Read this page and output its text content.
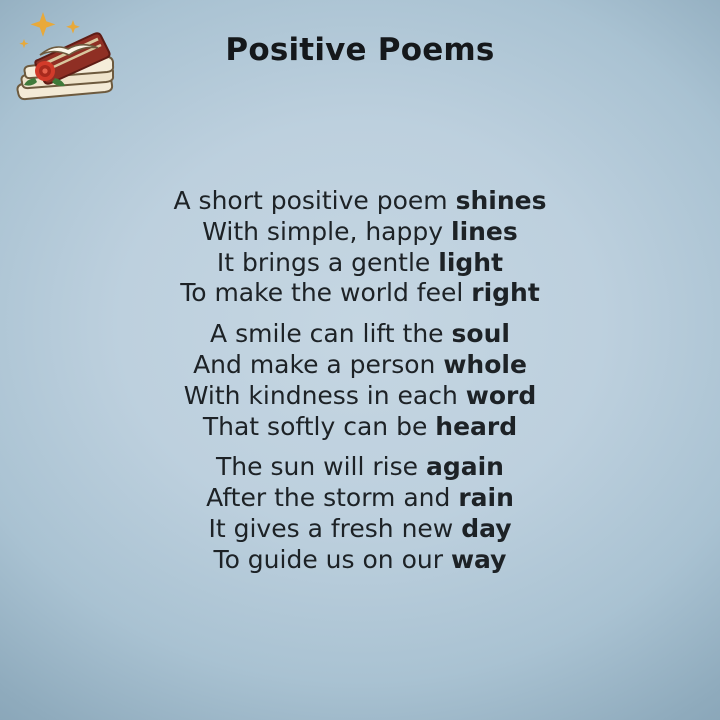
Positive Poems
A short positive poem shines
With simple, happy lines
It brings a gentle light
To make the world feel right
A smile can lift the soul
And make a person whole
With kindness in each word
That softly can be heard
The sun will rise again
After the storm and rain
It gives a fresh new day
To guide us on our way
